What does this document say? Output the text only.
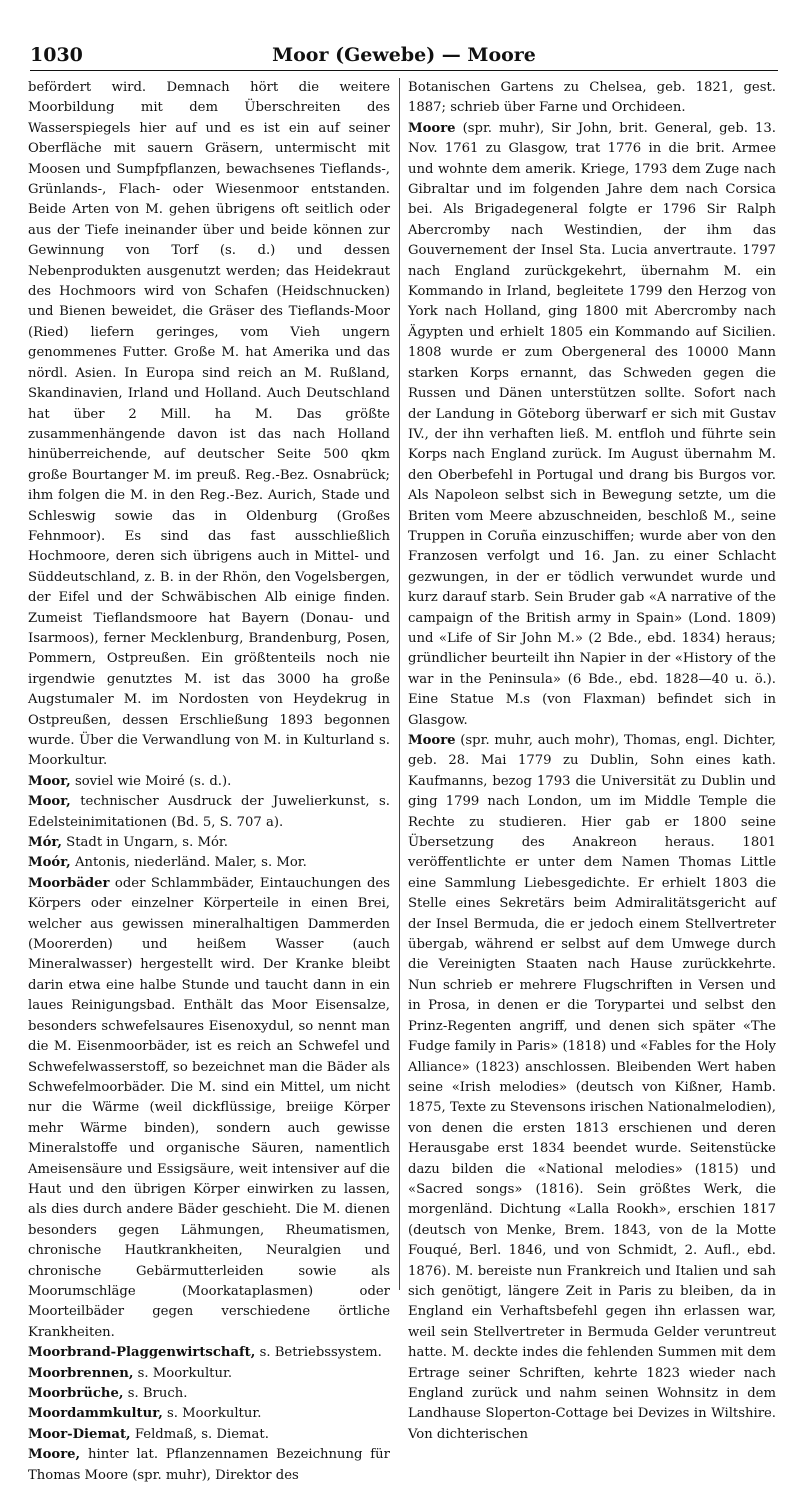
1030	Moor (Gewebe) — Moore

befördert wird. Demnach hört die weitere Moorbildung mit dem Überschreiten des Wasserspiegels hier auf und es ist ein auf seiner Oberfläche mit sauern Gräsern, untermischt mit Moosen und Sumpfpflanzen, bewachsenes Tieflands-, Grünlands-, Flach- oder Wiesenmoor entstanden. Beide Arten von M. gehen übrigens oft seitlich oder aus der Tiefe ineinander über und beide können zur Gewinnung von Torf (s. d.) und dessen Nebenprodukten ausgenutzt werden; das Heidekraut des Hochmoors wird von Schafen (Heidschnucken) und Bienen beweidet, die Gräser des Tieflands-Moor (Ried) liefern geringes, vom Vieh ungern genommenes Futter. Große M. hat Amerika und das nördl. Asien. In Europa sind reich an M. Rußland, Skandinavien, Irland und Holland. Auch Deutschland hat über 2 Mill. ha M. Das größte zusammenhängende davon ist das nach Holland hinüberreichende, auf deutscher Seite 500 qkm große Bourtanger M. im preuß. Reg.-Bez. Osnabrück; ihm folgen die M. in den Reg.-Bez. Aurich, Stade und Schleswig sowie das in Oldenburg (Großes Fehnmoor). Es sind das fast ausschließlich Hochmoore, deren sich übrigens auch in Mittel- und Süddeutschland, z. B. in der Rhön, den Vogelsbergen, der Eifel und der Schwäbischen Alb einige finden. Zumeist Tieflandsmoore hat Bayern (Donau- und Isarmoos), ferner Mecklenburg, Brandenburg, Posen, Pommern, Ostpreußen. Ein größtenteils noch nie irgendwie genutztes M. ist das 3000 ha große Augstumaler M. im Nordosten von Heydekrug in Ostpreußen, dessen Erschließung 1893 begonnen wurde. Über die Verwandlung von M. in Kulturland s. Moorkultur.

Moor, soviel wie Moiré (s. d.).

Moor, technischer Ausdruck der Juwelierkunst, s. Edelsteinimitationen (Bd. 5, S. 707 a).

Mór, Stadt in Ungarn, s. Mór.

Moór, Antonis, niederländ. Maler, s. Mor.

Moorbäder oder Schlammbäder, Eintauchungen des Körpers oder einzelner Körperteile in einen Brei, welcher aus gewissen mineralhaltigen Dammerden (Moorerden) und heißem Wasser (auch Mineralwasser) hergestellt wird. Der Kranke bleibt darin etwa eine halbe Stunde und taucht dann in ein laues Reinigungsbad. Enthält das Moor Eisensalze, besonders schwefelsaures Eisenoxydul, so nennt man die M. Eisenmoorbäder, ist es reich an Schwefel und Schwefelwasserstoff, so bezeichnet man die Bäder als Schwefelmoorbäder. Die M. sind ein Mittel, um nicht nur die Wärme (weil dickflüssige, breiige Körper mehr Wärme binden), sondern auch gewisse Mineralstoffe und organische Säuren, namentlich Ameisensäure und Essigsäure, weit intensiver auf die Haut und den übrigen Körper einwirken zu lassen, als dies durch andere Bäder geschieht. Die M. dienen besonders gegen Lähmungen, Rheumatismen, chronische Hautkrankheiten, Neuralgien und chronische Gebärmutterleiden sowie als Moorumschläge (Moorkataplasmen) oder Moorteilbäder gegen verschiedene örtliche Krankheiten.

Moorbrand-Plaggenwirtschaft, s. Betriebssystem.

Moorbrennen, s. Moorkultur.

Moorbrüche, s. Bruch.

Moordammkultur, s. Moorkultur.

Moor-Diemat, Feldmaß, s. Diemat.

Moore, hinter lat. Pflanzennamen Bezeichnung für Thomas Moore (spr. muhr), Direktor des

Botanischen Gartens zu Chelsea, geb. 1821, gest. 1887; schrieb über Farne und Orchideen.

Moore (spr. muhr), Sir John, brit. General, geb. 13. Nov. 1761 zu Glasgow, trat 1776 in die brit. Armee und wohnte dem amerik. Kriege, 1793 dem Zuge nach Gibraltar und im folgenden Jahre dem nach Corsica bei. Als Brigadegeneral folgte er 1796 Sir Ralph Abercromby nach Westindien, der ihm das Gouvernement der Insel Sta. Lucia anvertraute. 1797 nach England zurückgekehrt, übernahm M. ein Kommando in Irland, begleitete 1799 den Herzog von York nach Holland, ging 1800 mit Abercromby nach Ägypten und erhielt 1805 ein Kommando auf Sicilien. 1808 wurde er zum Obergeneral des 10000 Mann starken Korps ernannt, das Schweden gegen die Russen und Dänen unterstützen sollte. Sofort nach der Landung in Göteborg überwarf er sich mit Gustav IV., der ihn verhaften ließ. M. entfloh und führte sein Korps nach England zurück. Im August übernahm M. den Oberbefehl in Portugal und drang bis Burgos vor. Als Napoleon selbst sich in Bewegung setzte, um die Briten vom Meere abzuschneiden, beschloß M., seine Truppen in Coruña einzuschiffen; wurde aber von den Franzosen verfolgt und 16. Jan. zu einer Schlacht gezwungen, in der er tödlich verwundet wurde und kurz darauf starb. Sein Bruder gab «A narrative of the campaign of the British army in Spain» (Lond. 1809) und «Life of Sir John M.» (2 Bde., ebd. 1834) heraus; gründlicher beurteilt ihn Napier in der «History of the war in the Peninsula» (6 Bde., ebd. 1828—40 u. ö.). Eine Statue M.s (von Flaxman) befindet sich in Glasgow.

Moore (spr. muhr, auch mohr), Thomas, engl. Dichter, geb. 28. Mai 1779 zu Dublin, Sohn eines kath. Kaufmanns, bezog 1793 die Universität zu Dublin und ging 1799 nach London, um im Middle Temple die Rechte zu studieren. Hier gab er 1800 seine Übersetzung des Anakreon heraus. 1801 veröffentlichte er unter dem Namen Thomas Little eine Sammlung Liebesgedichte. Er erhielt 1803 die Stelle eines Sekretärs beim Admiralitätsgericht auf der Insel Bermuda, die er jedoch einem Stellvertreter übergab, während er selbst auf dem Umwege durch die Vereinigten Staaten nach Hause zurückkehrte. Nun schrieb er mehrere Flugschriften in Versen und in Prosa, in denen er die Torypartei und selbst den Prinz-Regenten angriff, und denen sich später «The Fudge family in Paris» (1818) und «Fables for the Holy Alliance» (1823) anschlossen. Bleibenden Wert haben seine «Irish melodies» (deutsch von Kißner, Hamb. 1875, Texte zu Stevensons irischen Nationalmelodien), von denen die ersten 1813 erschienen und deren Herausgabe erst 1834 beendet wurde. Seitenstücke dazu bilden die «National melodies» (1815) und «Sacred songs» (1816). Sein größtes Werk, die morgenländ. Dichtung «Lalla Rookh», erschien 1817 (deutsch von Menke, Brem. 1843, von de la Motte Fouqué, Berl. 1846, und von Schmidt, 2. Aufl., ebd. 1876). M. bereiste nun Frankreich und Italien und sah sich genötigt, längere Zeit in Paris zu bleiben, da in England ein Verhaftsbefehl gegen ihn erlassen war, weil sein Stellvertreter in Bermuda Gelder veruntreut hatte. M. deckte indes die fehlenden Summen mit dem Ertrage seiner Schriften, kehrte 1823 wieder nach England zurück und nahm seinen Wohnsitz in dem Landhause Sloperton-Cottage bei Devizes in Wiltshire. Von dichterischen
